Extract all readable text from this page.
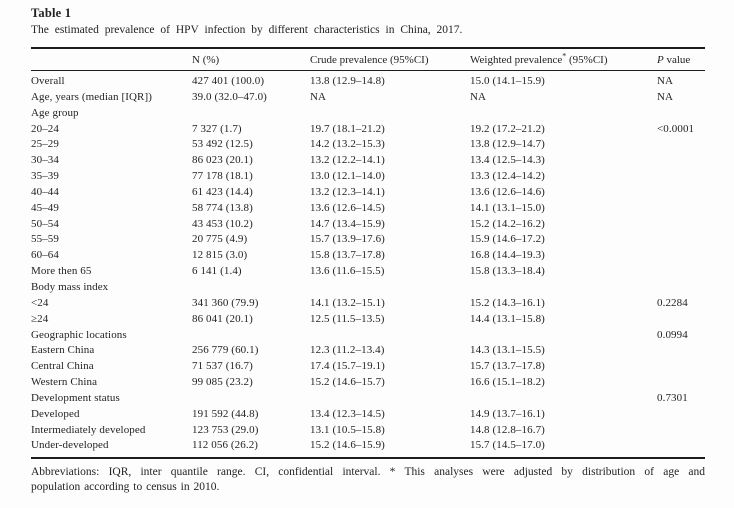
Table 1
The estimated prevalence of HPV infection by different characteristics in China, 2017.
	N (%)	Crude prevalence (95%CI)	Weighted prevalence* (95%CI)	P value
Overall	427 401 (100.0)	13.8 (12.9–14.8)	15.0 (14.1–15.9)	NA
Age, years (median [IQR])	39.0 (32.0–47.0)	NA	NA	NA
Age group				
20–24	7 327 (1.7)	19.7 (18.1–21.2)	19.2 (17.2–21.2)	<0.0001
25–29	53 492 (12.5)	14.2 (13.2–15.3)	13.8 (12.9–14.7)	
30–34	86 023 (20.1)	13.2 (12.2–14.1)	13.4 (12.5–14.3)	
35–39	77 178 (18.1)	13.0 (12.1–14.0)	13.3 (12.4–14.2)	
40–44	61 423 (14.4)	13.2 (12.3–14.1)	13.6 (12.6–14.6)	
45–49	58 774 (13.8)	13.6 (12.6–14.5)	14.1 (13.1–15.0)	
50–54	43 453 (10.2)	14.7 (13.4–15.9)	15.2 (14.2–16.2)	
55–59	20 775 (4.9)	15.7 (13.9–17.6)	15.9 (14.6–17.2)	
60–64	12 815 (3.0)	15.8 (13.7–17.8)	16.8 (14.4–19.3)	
More then 65	6 141 (1.4)	13.6 (11.6–15.5)	15.8 (13.3–18.4)	
Body mass index				
<24	341 360 (79.9)	14.1 (13.2–15.1)	15.2 (14.3–16.1)	0.2284
≥24	86 041 (20.1)	12.5 (11.5–13.5)	14.4 (13.1–15.8)	
Geographic locations				0.0994
Eastern China	256 779 (60.1)	12.3 (11.2–13.4)	14.3 (13.1–15.5)	
Central China	71 537 (16.7)	17.4 (15.7–19.1)	15.7 (13.7–17.8)	
Western China	99 085 (23.2)	15.2 (14.6–15.7)	16.6 (15.1–18.2)	
Development status				0.7301
Developed	191 592 (44.8)	13.4 (12.3–14.5)	14.9 (13.7–16.1)	
Intermediately developed	123 753 (29.0)	13.1 (10.5–15.8)	14.8 (12.8–16.7)	
Under-developed	112 056 (26.2)	15.2 (14.6–15.9)	15.7 (14.5–17.0)	
Abbreviations: IQR, inter quantile range. CI, confidential interval. * This analyses were adjusted by distribution of age and
population according to census in 2010.
